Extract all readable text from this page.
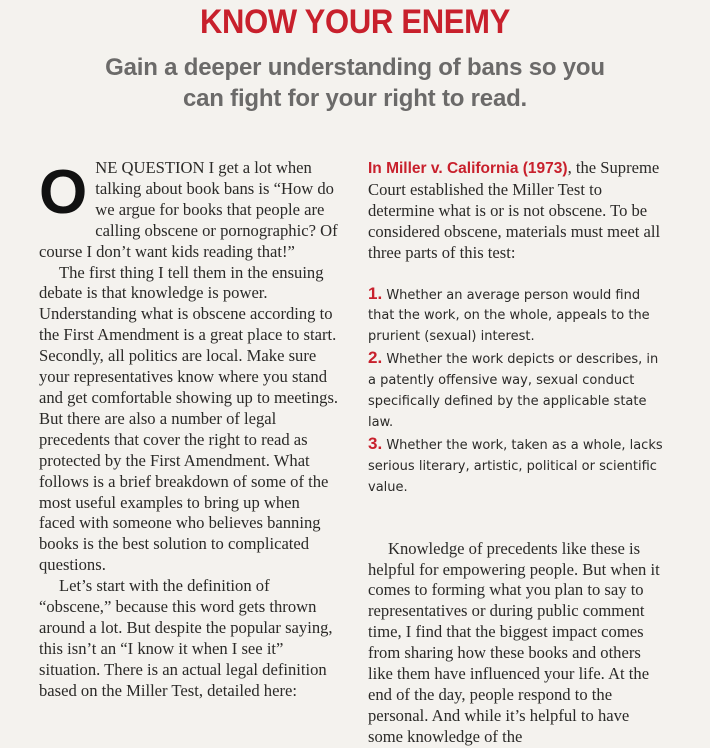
KNOW YOUR ENEMY
Gain a deeper understanding of bans so you
can fight for your right to read.

ONE QUESTION I get a lot when talking about book bans is “How do we argue for books that people are calling obscene or pornographic? Of course I don’t want kids reading that!”

The first thing I tell them in the ensuing debate is that knowledge is power. Understanding what is obscene according to the First Amendment is a great place to start. Secondly, all politics are local. Make sure your representatives know where you stand and get comfortable showing up to meetings. But there are also a number of legal precedents that cover the right to read as protected by the First Amendment. What follows is a brief breakdown of some of the most useful examples to bring up when faced with someone who believes banning books is the best solution to complicated questions.

Let’s start with the definition of “obscene,” because this word gets thrown around a lot. But despite the popular saying, this isn’t an “I know it when I see it” situation. There is an actual legal definition based on the Miller Test, detailed here:

In Miller v. California (1973), the Supreme Court established the Miller Test to determine what is or is not obscene. To be considered obscene, materials must meet all three parts of this test:

1. Whether an average person would find that the work, on the whole, appeals to the prurient (sexual) interest.
2. Whether the work depicts or describes, in a patently offensive way, sexual conduct specifically defined by the applicable state law.
3. Whether the work, taken as a whole, lacks serious literary, artistic, political or scientific value.

Knowledge of precedents like these is helpful for empowering people. But when it comes to forming what you plan to say to representatives or during public comment time, I find that the biggest impact comes from sharing how these books and others like them have influenced your life. At the end of the day, people respond to the personal. And while it’s helpful to have some knowledge of the
